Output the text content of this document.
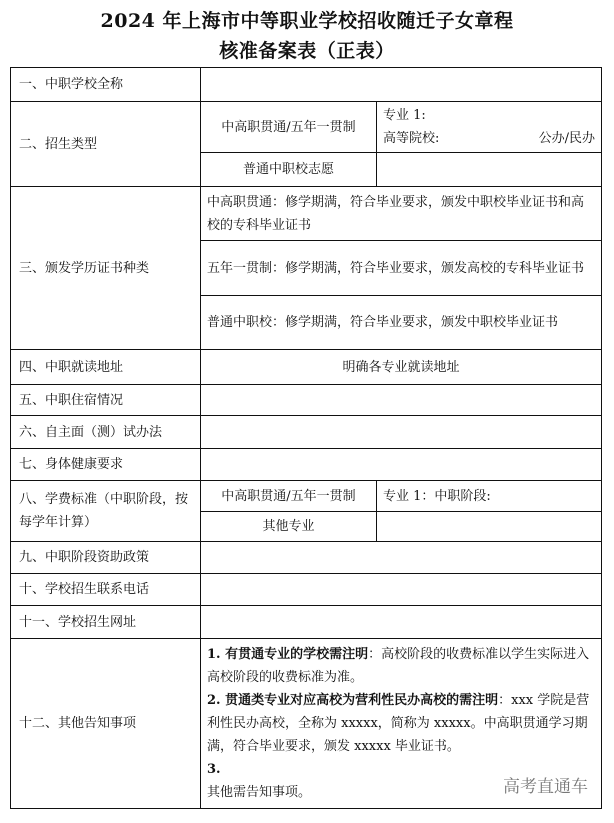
2024 年上海市中等职业学校招收随迁子女章程
核准备案表（正表）
一、中职学校全称		
二、招生类型	中高职贯通/五年一贯制	专业 1:
高等院校: 公办/民办

	普通中职校志愿	
三、颁发学历证书种类	中高职贯通：修学期满，符合毕业要求，颁发中职校毕业证书和高校的专科毕业证书	
	五年一贯制：修学期满，符合毕业要求，颁发高校的专科毕业证书	
	普通中职校：修学期满，符合毕业要求，颁发中职校毕业证书	
四、中职就读地址	明确各专业就读地址	
五、中职住宿情况		
六、自主面（测）试办法		
七、身体健康要求		
八、学费标准（中职阶段，按每学年计算）	中高职贯通/五年一贯制	专业 1：中职阶段:
	其他专业	
九、中职阶段资助政策		
十、学校招生联系电话		
十一、学校招生网址		
十二、其他告知事项	1. 有贯通专业的学校需注明：高校阶段的收费标准以学生实际进入高校阶段的收费标准为准。
2. 贯通类专业对应高校为营利性民办高校的需注明：xxx 学院是营利性民办高校，全称为 xxxxx，简称为 xxxxx。中高职贯通学习期满，符合毕业要求，颁发 xxxxx 毕业证书。
3.
其他需告知事项。		高考直通车
